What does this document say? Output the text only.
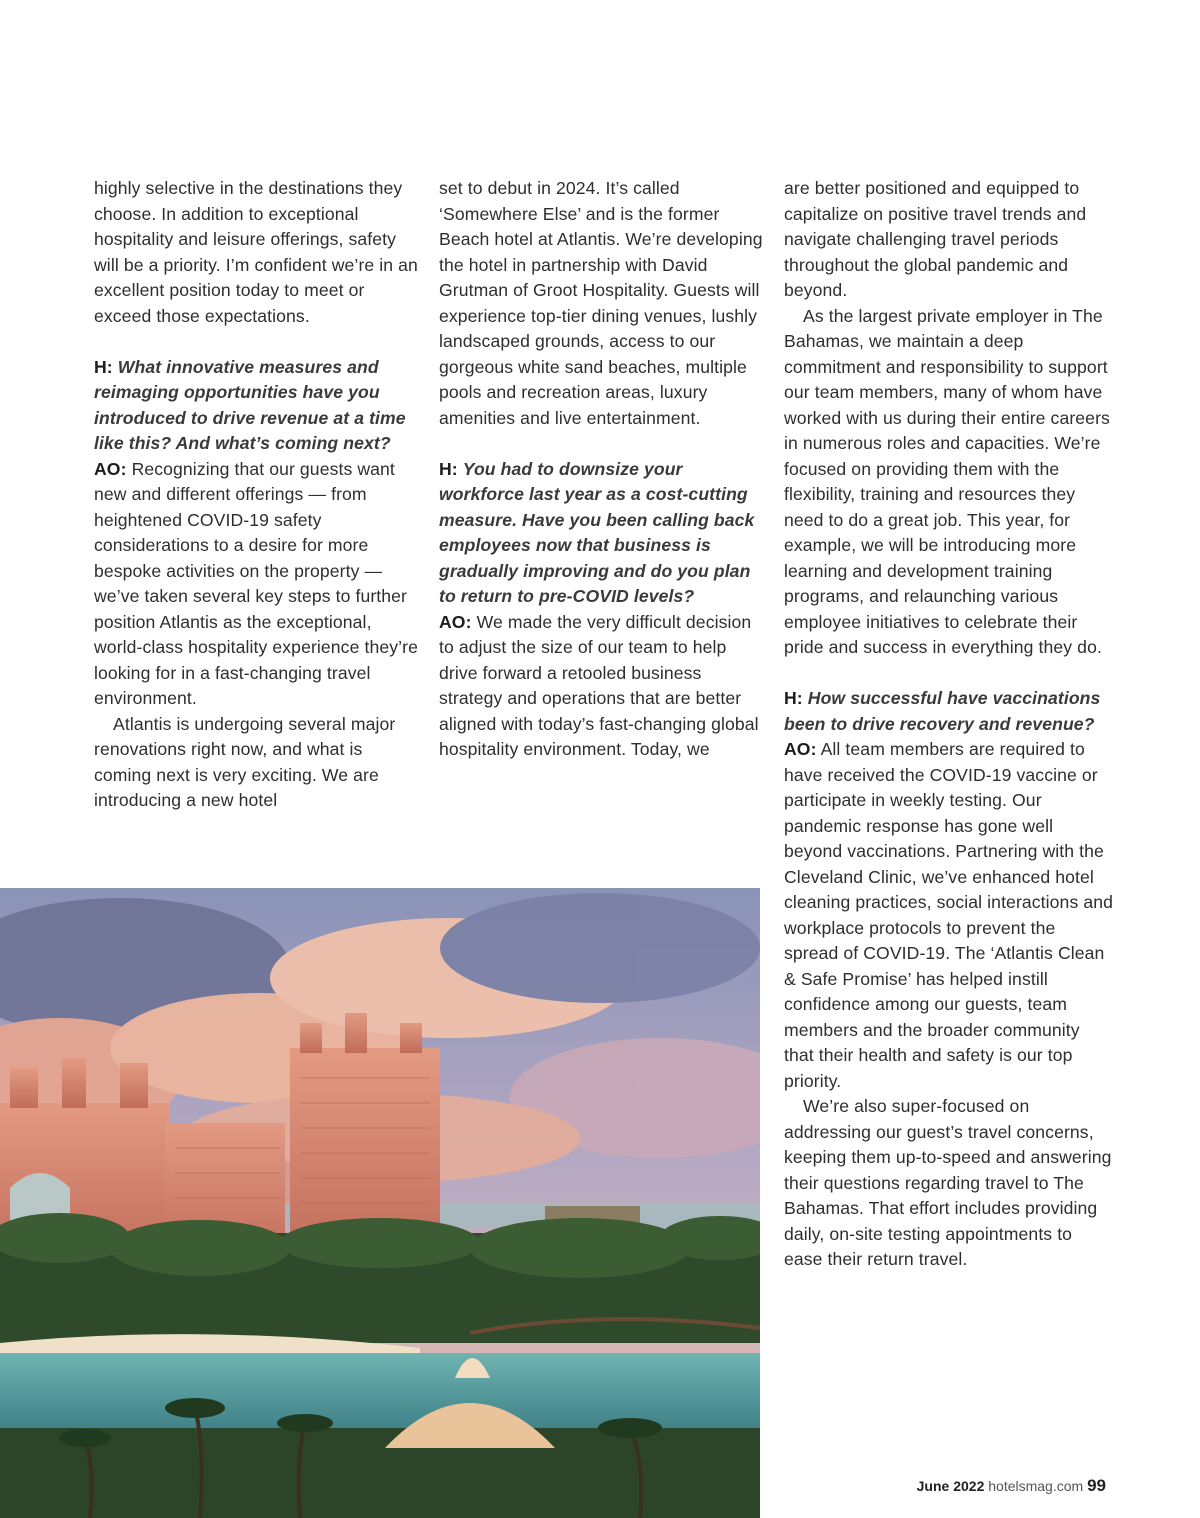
highly selective in the destinations they choose. In addition to exceptional hospitality and leisure offerings, safety will be a priority. I’m confident we’re in an excellent position today to meet or exceed those expectations.

H: What innovative measures and reimaging opportunities have you introduced to drive revenue at a time like this? And what’s coming next?

AO: Recognizing that our guests want new and different offerings — from heightened COVID-19 safety considerations to a desire for more bespoke activities on the property — we’ve taken several key steps to further position Atlantis as the exceptional, world-class hospitality experience they’re looking for in a fast-changing travel environment.

Atlantis is undergoing several major renovations right now, and what is coming next is very exciting. We are introducing a new hotel

set to debut in 2024. It’s called ‘Somewhere Else’ and is the former Beach hotel at Atlantis. We’re developing the hotel in partnership with David Grutman of Groot Hospitality. Guests will experience top-tier dining venues, lushly landscaped grounds, access to our gorgeous white sand beaches, multiple pools and recreation areas, luxury amenities and live entertainment.

H: You had to downsize your workforce last year as a cost-cutting measure. Have you been calling back employees now that business is gradually improving and do you plan to return to pre-COVID levels?

AO: We made the very difficult decision to adjust the size of our team to help drive forward a retooled business strategy and operations that are better aligned with today’s fast-changing global hospitality environment. Today, we

are better positioned and equipped to capitalize on positive travel trends and navigate challenging travel periods throughout the global pandemic and beyond.

As the largest private employer in The Bahamas, we maintain a deep commitment and responsibility to support our team members, many of whom have worked with us during their entire careers in numerous roles and capacities. We’re focused on providing them with the flexibility, training and resources they need to do a great job. This year, for example, we will be introducing more learning and development training programs, and relaunching various employee initiatives to celebrate their pride and success in everything they do.

H: How successful have vaccinations been to drive recovery and revenue?

AO: All team members are required to have received the COVID-19 vaccine or participate in weekly testing. Our pandemic response has gone well beyond vaccinations. Partnering with the Cleveland Clinic, we’ve enhanced hotel cleaning practices, social interactions and workplace protocols to prevent the spread of COVID-19. The ‘Atlantis Clean & Safe Promise’ has helped instill confidence among our guests, team members and the broader community that their health and safety is our top priority.

We’re also super-focused on addressing our guest’s travel concerns, keeping them up-to-speed and answering their questions regarding travel to The Bahamas. That effort includes providing daily, on-site testing appointments to ease their return travel.

June 2022 hotelsmag.com 99
